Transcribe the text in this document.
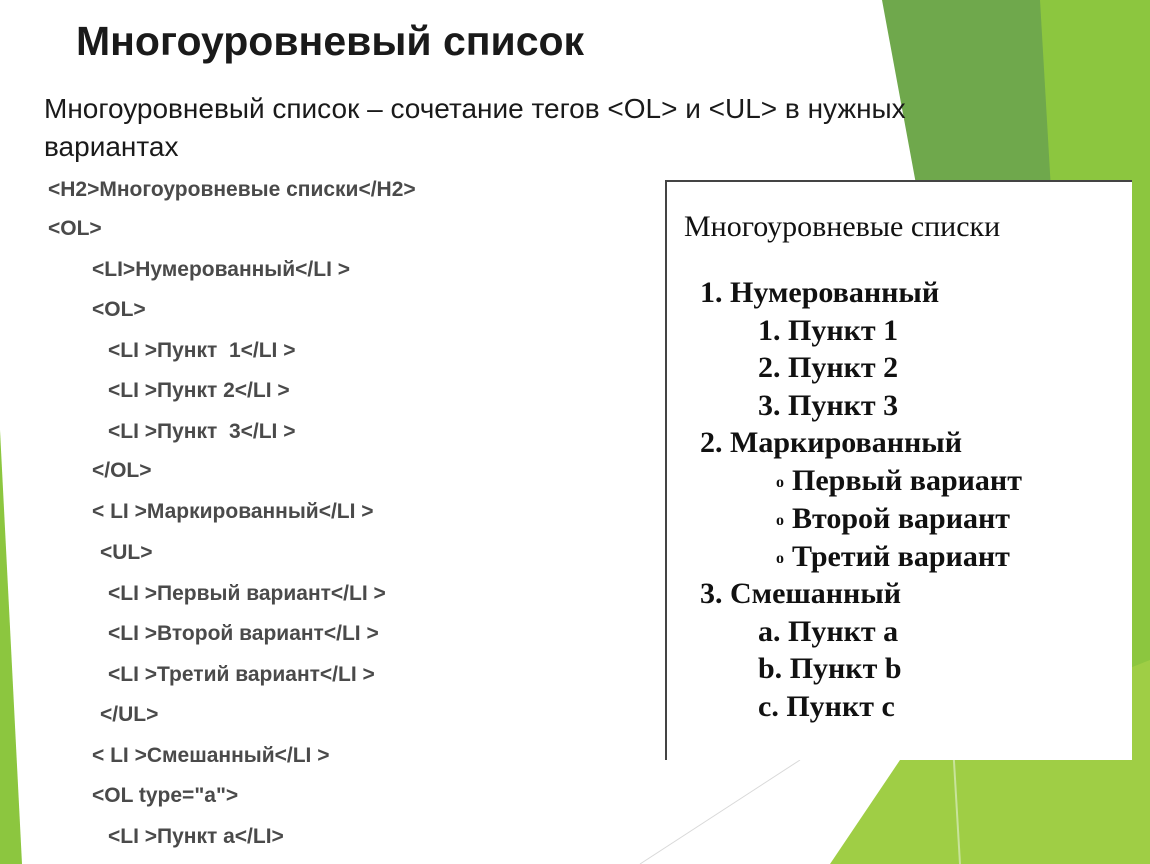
Многоуровневый список

Многоуровневый список – сочетание тегов <OL> и <UL> в нужных вариантах

<H2>Многоуровневые списки</H2>

<OL>

<LI>Нумерованный</LI >

<OL>

<LI >Пункт  1</LI >

<LI >Пункт 2</LI >

<LI >Пункт  3</LI >

</OL>

< LI >Маркированный</LI >

<UL>

<LI >Первый вариант</LI >

<LI >Второй вариант</LI >

<LI >Третий вариант</LI >

</UL>

< LI >Смешанный</LI >

<OL type="a">

<LI >Пункт a</LI>

Многоуровневые списки

1. Нумерованный

1. Пункт 1

2. Пункт 2

3. Пункт 3

2. Маркированный

o Первый вариант

o Второй вариант

o Третий вариант

3. Смешанный

a. Пункт a

b. Пункт b

c. Пункт c
